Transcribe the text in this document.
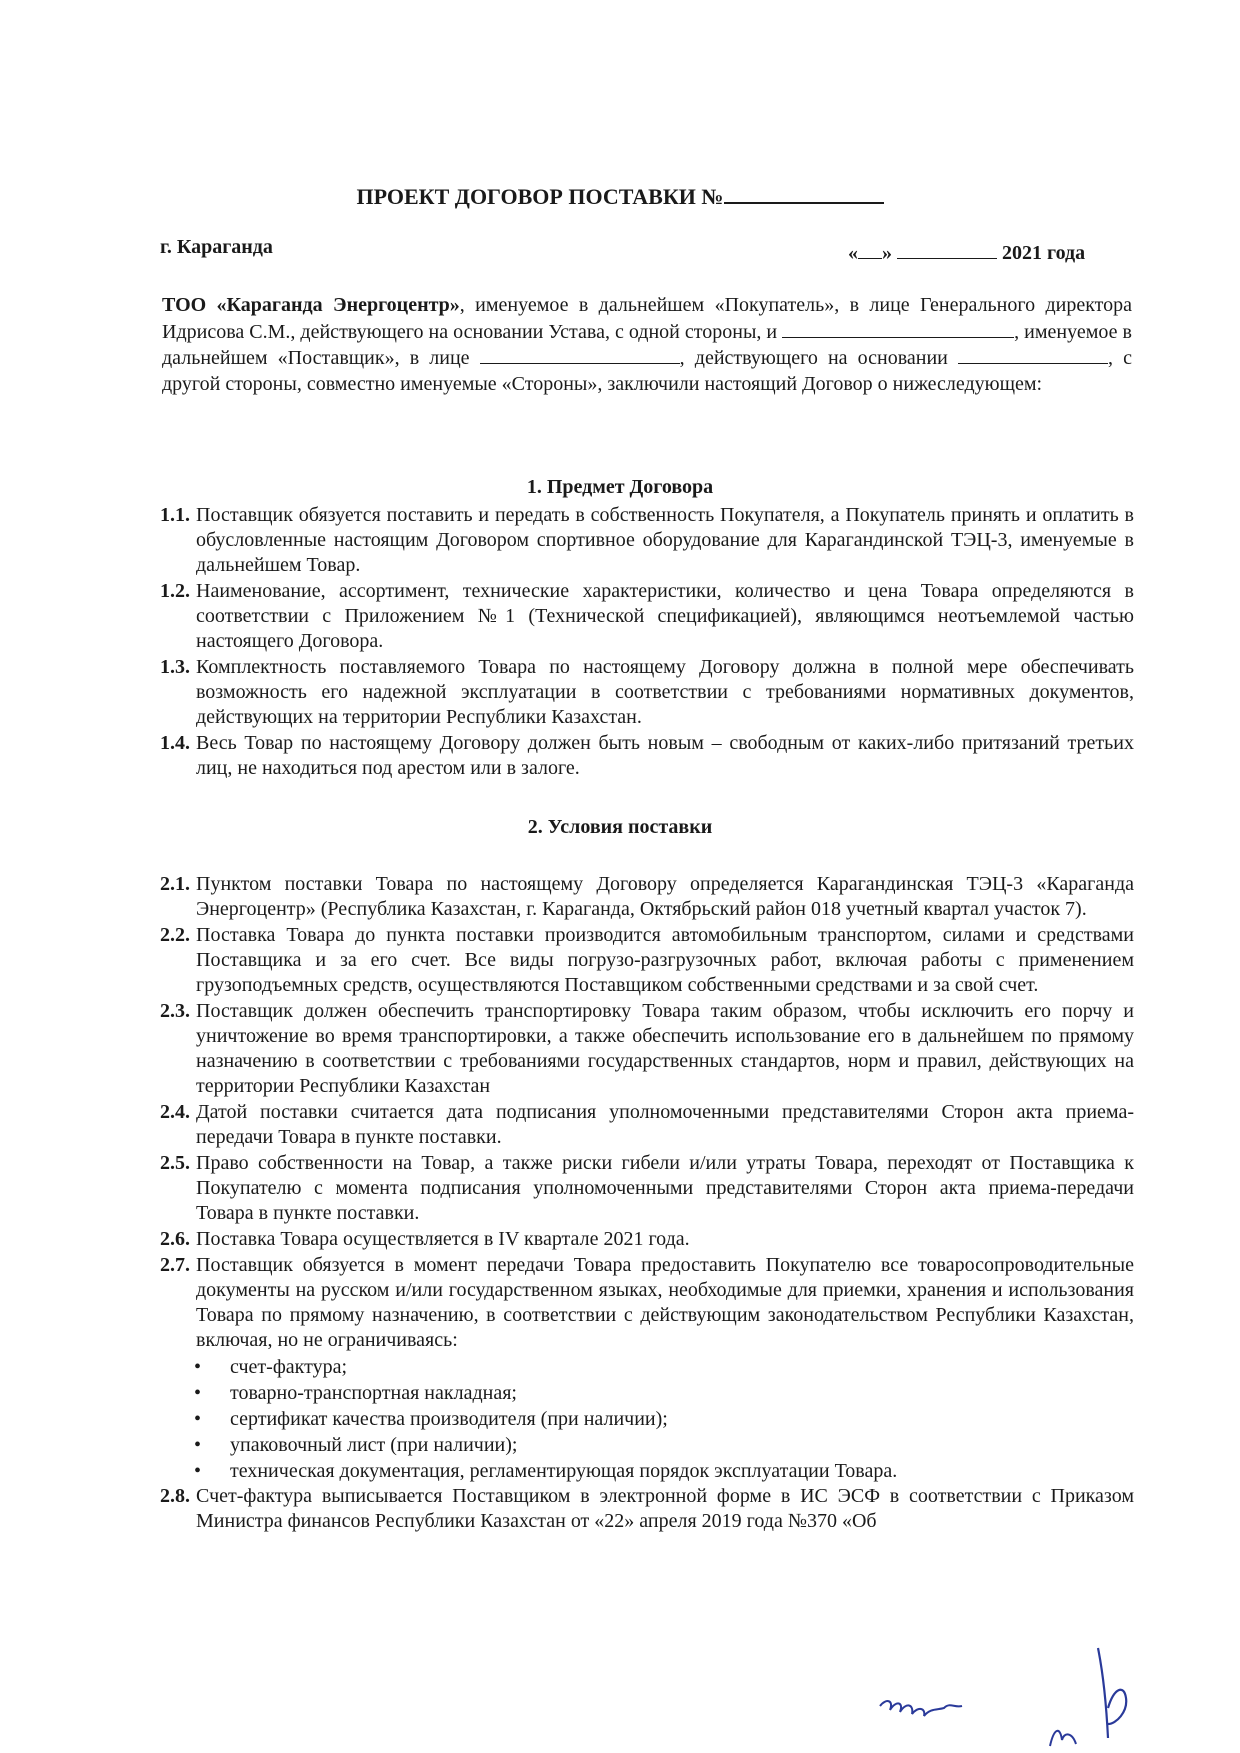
ПРОЕКТ ДОГОВОР ПОСТАВКИ №
г. Караганда	« »	2021 года
ТОО «Караганда Энергоцентр», именуемое в дальнейшем «Покупатель», в лице Генерального директора Идрисова С.М., действующего на основании Устава, с одной стороны, и	, именуемое в дальнейшем «Поставщик», в лице	, действующего на основании	, с другой стороны, совместно именуемые «Стороны», заключили настоящий Договор о нижеследующем:
1. Предмет Договора
1.1. Поставщик обязуется поставить и передать в собственность Покупателя, а Покупатель принять и оплатить в обусловленные настоящим Договором спортивное оборудование для Карагандинской ТЭЦ-3, именуемые в дальнейшем Товар.
1.2. Наименование, ассортимент, технические характеристики, количество и цена Товара определяются в соответствии с Приложением №1 (Технической спецификацией), являющимся неотъемлемой частью настоящего Договора.
1.3. Комплектность поставляемого Товара по настоящему Договору должна в полной мере обеспечивать возможность его надежной эксплуатации в соответствии с требованиями нормативных документов, действующих на территории Республики Казахстан.
1.4. Весь Товар по настоящему Договору должен быть новым – свободным от каких-либо притязаний третьих лиц, не находиться под арестом или в залоге.
2. Условия поставки
2.1. Пунктом поставки Товара по настоящему Договору определяется Карагандинская ТЭЦ-3 «Караганда Энергоцентр» (Республика Казахстан, г. Караганда, Октябрьский район 018 учетный квартал участок 7).
2.2. Поставка Товара до пункта поставки производится автомобильным транспортом, силами и средствами Поставщика и за его счет. Все виды погрузо-разгрузочных работ, включая работы с применением грузоподъемных средств, осуществляются Поставщиком собственными средствами и за свой счет.
2.3. Поставщик должен обеспечить транспортировку Товара таким образом, чтобы исключить его порчу и уничтожение во время транспортировки, а также обеспечить использование его в дальнейшем по прямому назначению в соответствии с требованиями государственных стандартов, норм и правил, действующих на территории Республики Казахстан
2.4. Датой поставки считается дата подписания уполномоченными представителями Сторон акта приема-передачи Товара в пункте поставки.
2.5. Право собственности на Товар, а также риски гибели и/или утраты Товара, переходят от Поставщика к Покупателю с момента подписания уполномоченными представителями Сторон акта приема-передачи Товара в пункте поставки.
2.6. Поставка Товара осуществляется в IV квартале 2021 года.
2.7. Поставщик обязуется в момент передачи Товара предоставить Покупателю все товаросопроводительные документы на русском и/или государственном языках, необходимые для приемки, хранения и использования Товара по прямому назначению, в соответствии с действующим законодательством Республики Казахстан, включая, но не ограничиваясь:
•	счет-фактура;
•	товарно-транспортная накладная;
•	сертификат качества производителя (при наличии);
•	упаковочный лист (при наличии);
•	техническая документация, регламентирующая порядок эксплуатации Товара.
2.8. Счет-фактура выписывается Поставщиком в электронной форме в ИС ЭСФ в соответствии с Приказом Министра финансов Республики Казахстан от «22» апреля 2019 года №370 «Об
